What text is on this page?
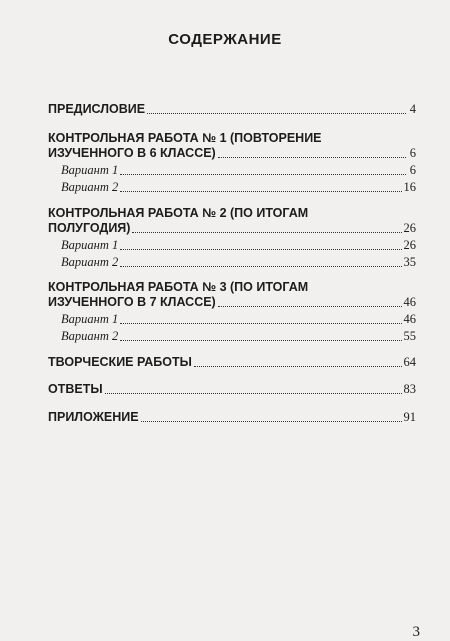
СОДЕРЖАНИЕ
ПРЕДИСЛОВИЕ	4
КОНТРОЛЬНАЯ РАБОТА № 1 (ПОВТОРЕНИЕ
ИЗУЧЕННОГО В 6 КЛАССЕ)	6
Вариант 1	6
Вариант 2	16
КОНТРОЛЬНАЯ РАБОТА № 2 (ПО ИТОГАМ
ПОЛУГОДИЯ)	26
Вариант 1	26
Вариант 2	35
КОНТРОЛЬНАЯ РАБОТА № 3 (ПО ИТОГАМ
ИЗУЧЕННОГО В 7 КЛАССЕ)	46
Вариант 1	46
Вариант 2	55
ТВОРЧЕСКИЕ РАБОТЫ	64
ОТВЕТЫ	83
ПРИЛОЖЕНИЕ	91
3
